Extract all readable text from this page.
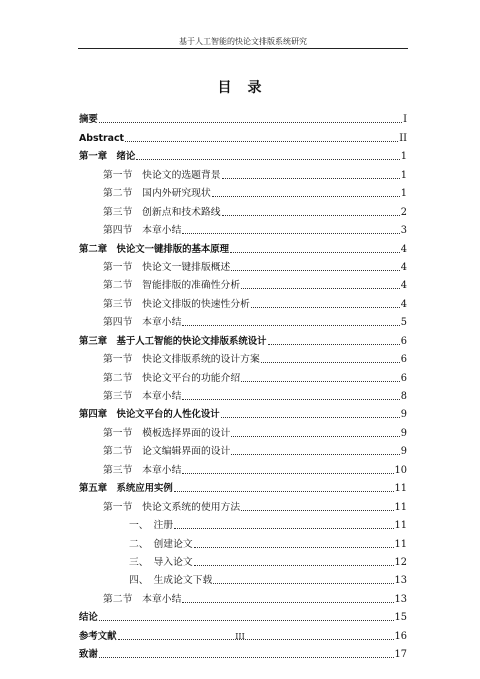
基于人工智能的快论文排版系统研究
目　录
摘要	I
Abstract	II
第一章　绪论	1
第一节　快论文的选题背景	1
第二节　国内外研究现状	1
第三节　创新点和技术路线	2
第四节　本章小结	3
第二章　快论文一键排版的基本原理	4
第一节　快论文一键排版概述	4
第二节　智能排版的准确性分析	4
第三节　快论文排版的快速性分析	4
第四节　本章小结	5
第三章　基于人工智能的快论文排版系统设计	6
第一节　快论文排版系统的设计方案	6
第二节　快论文平台的功能介绍	6
第三节　本章小结	8
第四章　快论文平台的人性化设计	9
第一节　模板选择界面的设计	9
第二节　论文编辑界面的设计	9
第三节　本章小结	10
第五章　系统应用实例	11
第一节　快论文系统的使用方法	11
一、　注册	11
二、　创建论文	11
三、　导入论文	12
四、　生成论文下载	13
第二节　本章小结	13
结论	15
参考文献	16
致谢	17
III
